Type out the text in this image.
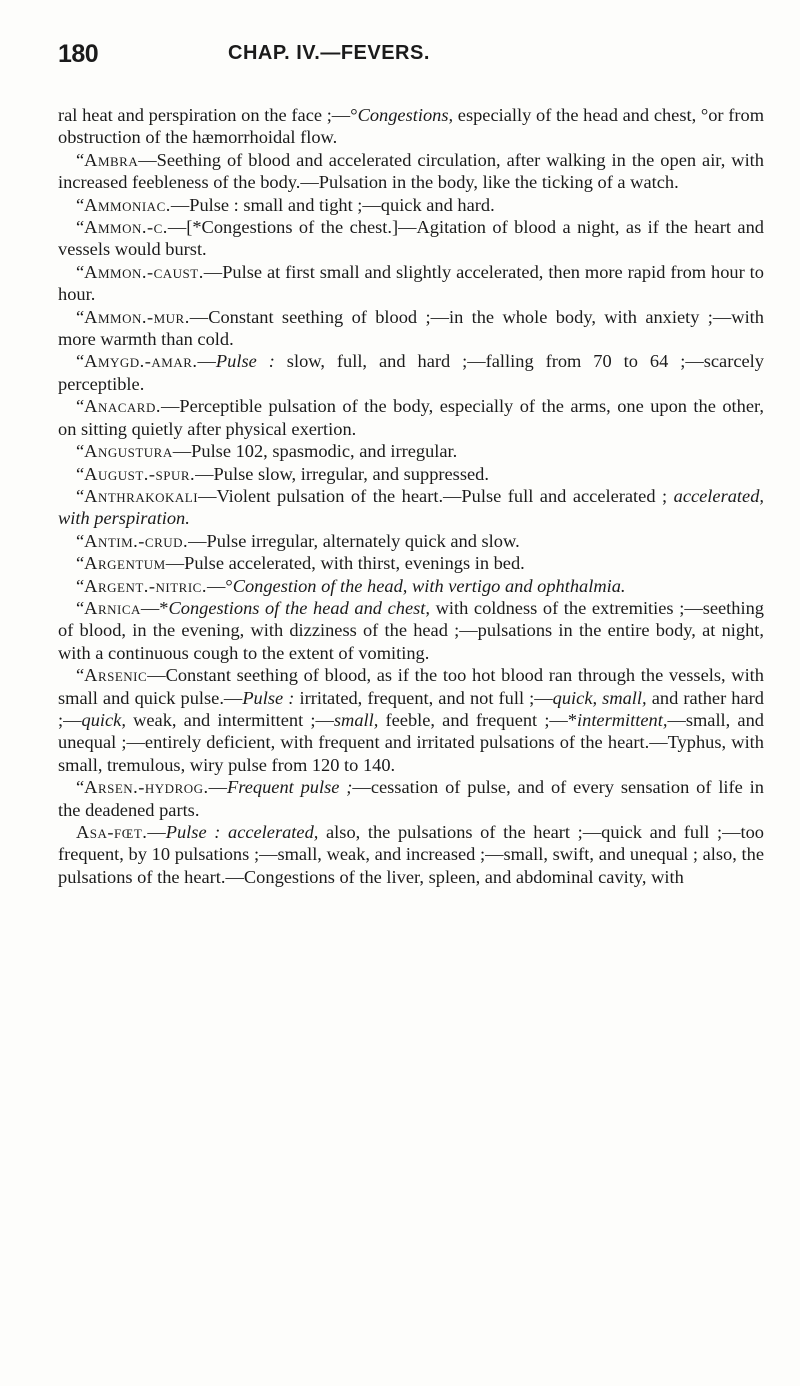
180	CHAP. IV.—FEVERS.

ral heat and perspiration on the face ;—°Congestions, especially of the head and chest, °or from obstruction of the hæmorrhoidal flow.

“Ambra—Seething of blood and accelerated circulation, after walking in the open air, with increased feebleness of the body.—Pulsation in the body, like the ticking of a watch.

“Ammoniac.—Pulse : small and tight ;—quick and hard.

“Ammon.-c.—[*Congestions of the chest.]—Agitation of blood a night, as if the heart and vessels would burst.

“Ammon.-caust.—Pulse at first small and slightly accelerated, then more rapid from hour to hour.

“Ammon.-mur.—Constant seething of blood ;—in the whole body, with anxiety ;—with more warmth than cold.

“Amygd.-amar.—Pulse : slow, full, and hard ;—falling from 70 to 64 ;—scarcely perceptible.

“Anacard.—Perceptible pulsation of the body, especially of the arms, one upon the other, on sitting quietly after physical exertion.

“Angustura—Pulse 102, spasmodic, and irregular.

“August.-spur.—Pulse slow, irregular, and suppressed.

“Anthrakokali—Violent pulsation of the heart.—Pulse full and accelerated ; accelerated, with perspiration.

“Antim.-crud.—Pulse irregular, alternately quick and slow.

“Argentum—Pulse accelerated, with thirst, evenings in bed.

“Argent.-nitric.—°Congestion of the head, with vertigo and ophthalmia.

“Arnica—*Congestions of the head and chest, with coldness of the extremities ;—seething of blood, in the evening, with dizziness of the head ;—pulsations in the entire body, at night, with a continuous cough to the extent of vomiting.

“Arsenic—Constant seething of blood, as if the too hot blood ran through the vessels, with small and quick pulse.—Pulse : irritated, frequent, and not full ;—quick, small, and rather hard ;—quick, weak, and intermittent ;—small, feeble, and frequent ;—*intermittent,—small, and unequal ;—entirely deficient, with frequent and irritated pulsations of the heart.—Typhus, with small, tremulous, wiry pulse from 120 to 140.

“Arsen.-hydrog.—Frequent pulse ;—cessation of pulse, and of every sensation of life in the deadened parts.

Asa-fœt.—Pulse : accelerated, also, the pulsations of the heart ;—quick and full ;—too frequent, by 10 pulsations ;—small, weak, and increased ;—small, swift, and unequal ; also, the pulsations of the heart.—Congestions of the liver, spleen, and abdominal cavity, with
